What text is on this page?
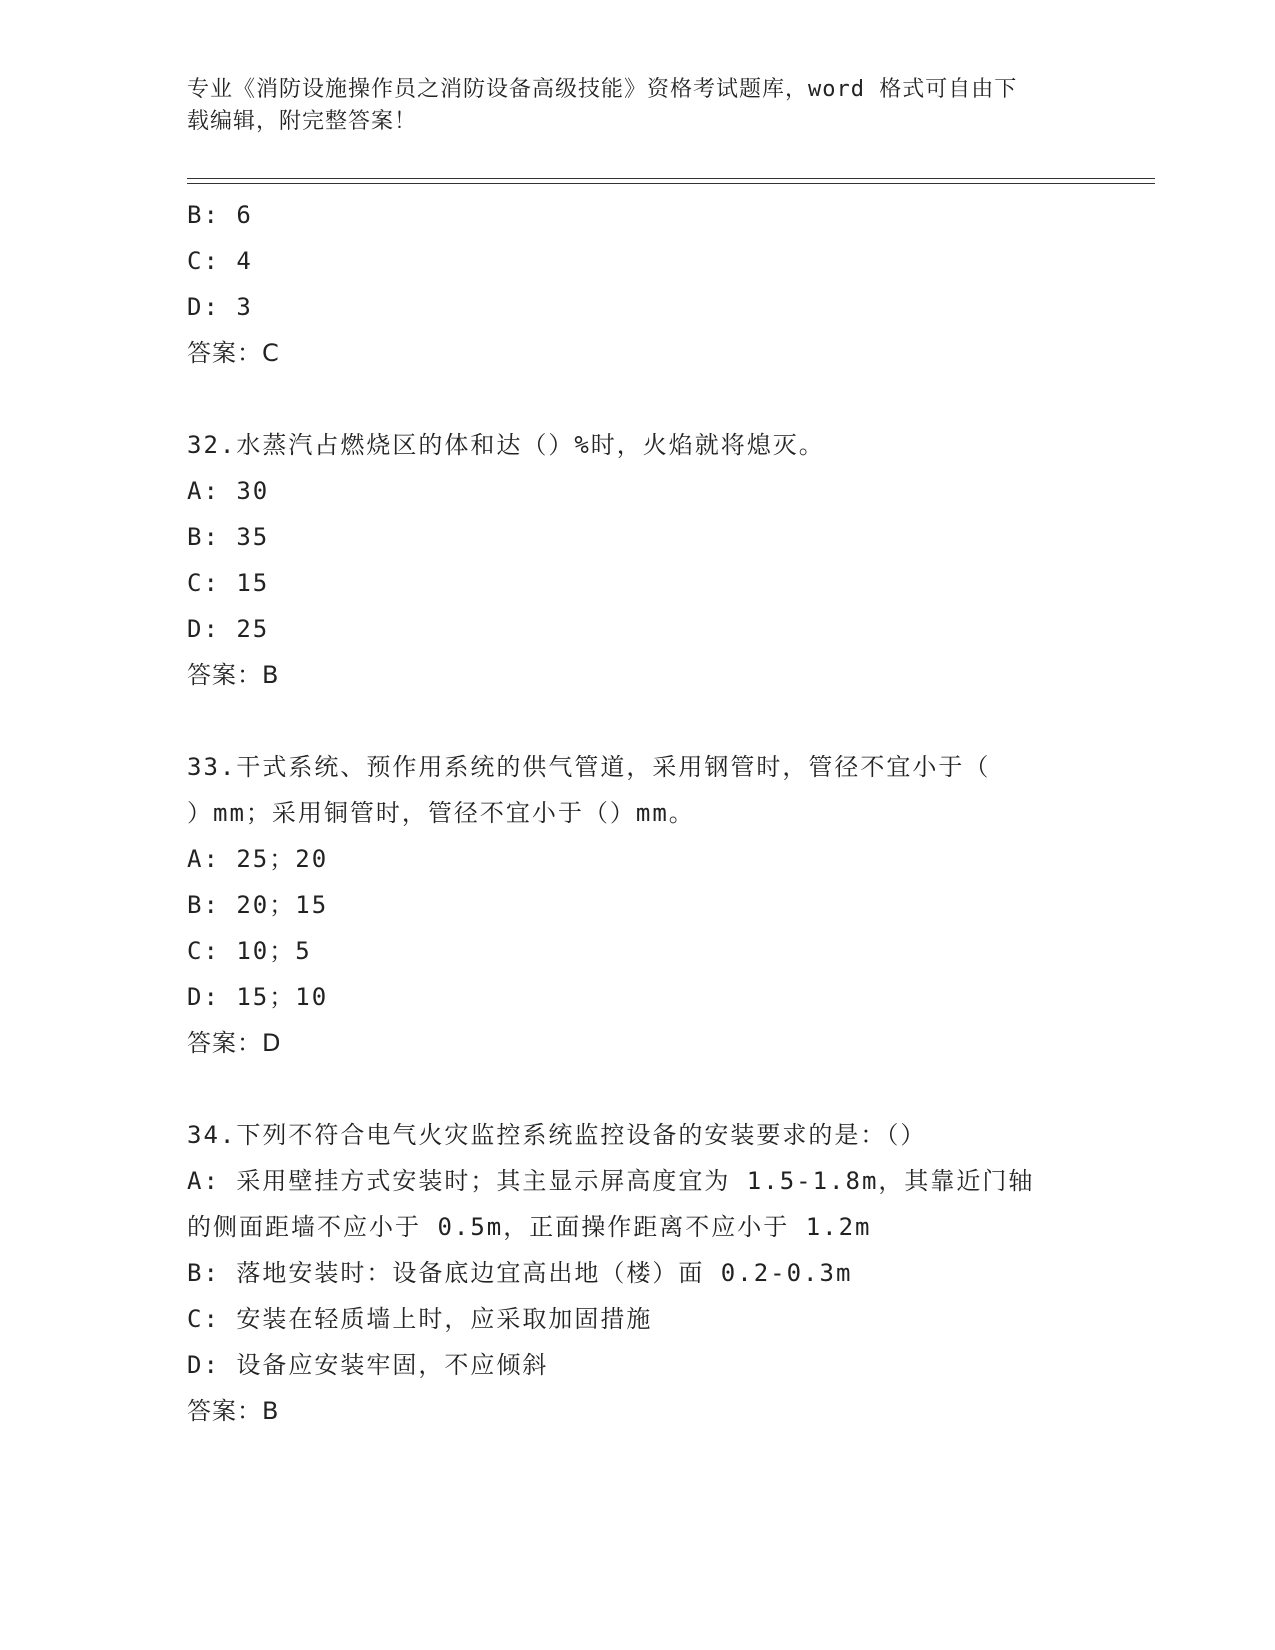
专业《消防设施操作员之消防设备高级技能》资格考试题库，word 格式可自由下
载编辑，附完整答案！
B: 6
C: 4
D: 3
答案：C
32.水蒸汽占燃烧区的体和达（）%时，火焰就将熄灭。
A: 30
B: 35
C: 15
D: 25
答案：B
33.干式系统、预作用系统的供气管道，采用钢管时，管径不宜小于（
）mm；采用铜管时，管径不宜小于（）mm。
A: 25；20
B: 20；15
C: 10；5
D: 15；10
答案：D
34.下列不符合电气火灾监控系统监控设备的安装要求的是：（）
A: 采用壁挂方式安装时；其主显示屏高度宜为 1.5-1.8m，其靠近门轴
的侧面距墙不应小于 0.5m，正面操作距离不应小于 1.2m
B: 落地安装时：设备底边宜高出地（楼）面 0.2-0.3m
C: 安装在轻质墙上时，应采取加固措施
D: 设备应安装牢固，不应倾斜
答案：B
